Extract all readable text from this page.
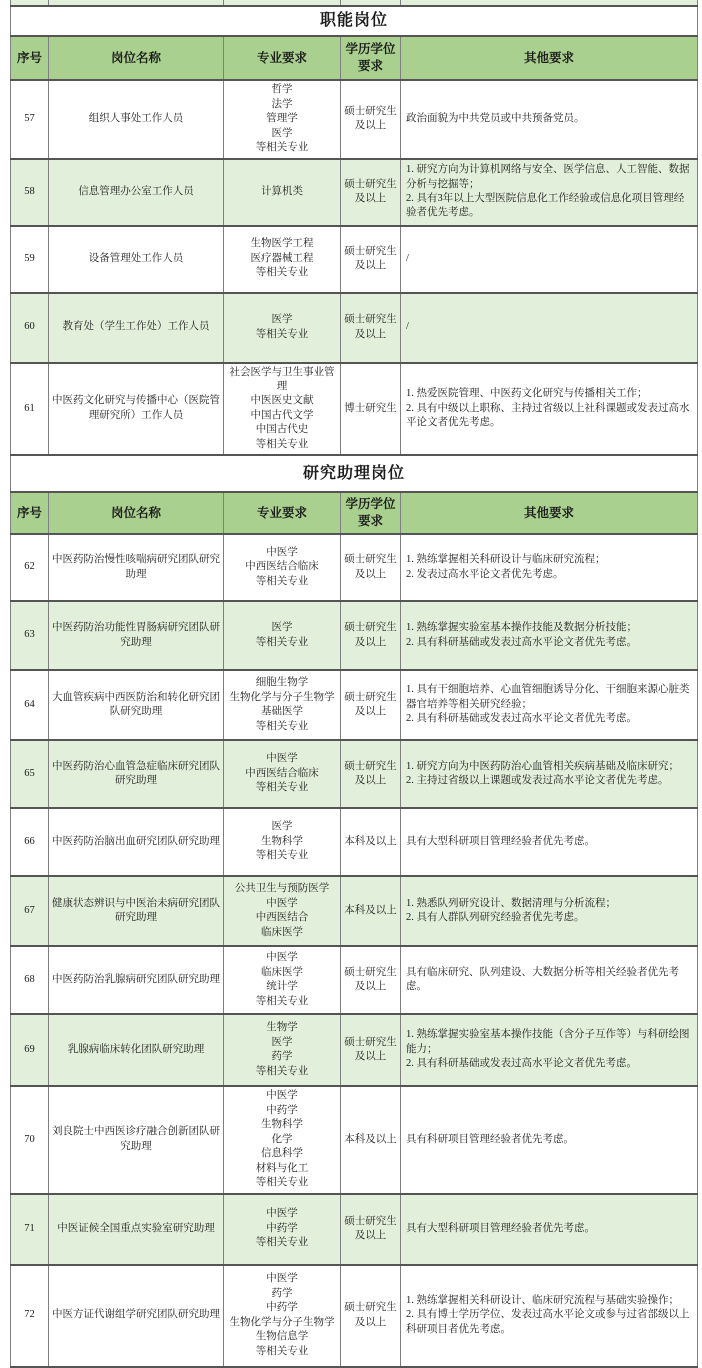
职能岗位				
序号	岗位名称	专业要求	学历学位要求	其他要求
57	组织人事处工作人员	哲学
法学
管理学
医学
等相关专业	硕士研究生及以上	政治面貌为中共党员或中共预备党员。

58	信息管理办公室工作人员	计算机类	硕士研究生及以上	1. 研究方向为计算机网络与安全、医学信息、人工智能、数据分析与挖掘等；
2. 具有3年以上大型医院信息化工作经验或信息化项目管理经验者优先考虑。

59	设备管理处工作人员	生物医学工程
医疗器械工程
等相关专业	硕士研究生及以上	/

60	教育处（学生工作处）工作人员	医学
等相关专业	硕士研究生及以上	/

61	中医药文化研究与传播中心（医院管理研究所）工作人员	
社会医学与卫生事业管理
中医医史文献
中国古代文学
中国古代史
等相关专业
	博士研究生	
1. 热爱医院管理、中医药文化研究与传播相关工作；
2. 具有中级以上职称、主持过省级以上社科课题或发表过高水平论文者优先考虑。

研究助理岗位				
序号	岗位名称	专业要求	学历学位要求	其他要求
62	中医药防治慢性咳喘病研究团队研究助理	
中医学
中西医结合临床
等相关专业
	硕士研究生及以上	
1. 熟练掌握相关科研设计与临床研究流程；
2. 发表过高水平论文者优先考虑。

63	中医药防治功能性胃肠病研究团队研究助理	
医学
等相关专业
	硕士研究生及以上	
1. 熟练掌握实验室基本操作技能及数据分析技能；
2. 具有科研基础或发表过高水平论文者优先考虑。

64	大血管疾病中西医防治和转化研究团队研究助理	
细胞生物学
生物化学与分子生物学
基础医学
等相关专业
	硕士研究生及以上	
1. 具有干细胞培养、心血管细胞诱导分化、干细胞来源心脏类器官培养等相关研究经验；
2. 具有科研基础或发表过高水平论文者优先考虑。

65	中医药防治心血管急症临床研究团队研究助理	
中医学
中西医结合临床
等相关专业
	硕士研究生及以上	
1. 研究方向为中医药防治心血管相关疾病基础及临床研究；
2. 主持过省级以上课题或发表过高水平论文者优先考虑。

66	中医药防治脑出血研究团队研究助理	医学
生物科学
等相关专业	本科及以上	具有大型科研项目管理经验者优先考虑。

67	健康状态辨识与中医治未病研究团队研究助理	
公共卫生与预防医学
中医学
中西医结合
临床医学
	本科及以上	
1. 熟悉队列研究设计、数据清理与分析流程；
2. 具有人群队列研究经验者优先考虑。

68	中医药防治乳腺病研究团队研究助理	中医学
临床医学
统计学
等相关专业	硕士研究生及以上	具有临床研究、队列建设、大数据分析等相关经验者优先考虑。

69	乳腺病临床转化团队研究助理	
生物学
医学
药学
等相关专业
	硕士研究生及以上	
1. 熟练掌握实验室基本操作技能（含分子互作等）与科研绘图能力；
2. 具有科研基础或发表过高水平论文者优先考虑。

70	刘良院士中西医诊疗融合创新团队研究助理	
中医学
中药学
生物科学
化学
信息科学
材料与化工
等相关专业
	本科及以上	具有科研项目管理经验者优先考虑。

71	中医证候全国重点实验室研究助理	中医学
中药学
等相关专业	硕士研究生及以上	具有大型科研项目管理经验者优先考虑。

72	中医方证代谢组学研究团队研究助理	
中医学
药学
中药学
生物化学与分子生物学
生物信息学
等相关专业
	硕士研究生及以上	
1. 熟练掌握相关科研设计、临床研究流程与基础实验操作；
2. 具有博士学历学位、发表过高水平论文或参与过省部级以上科研项目者优先考虑。
